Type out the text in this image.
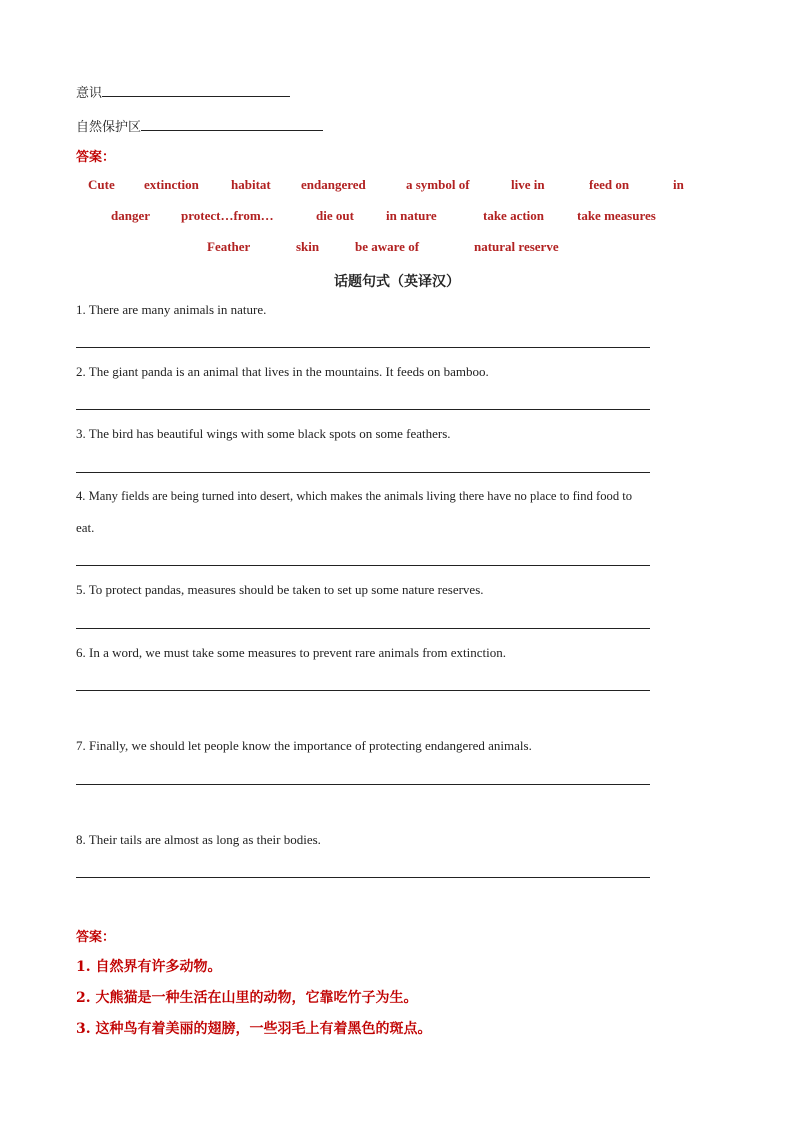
意识
自然保护区
答案：
Cute extinction habitat endangered	a symbol of	live in	feed on	in
danger protect…from…	die out in nature	take action	take measures
Feather	skin	be aware of	natural reserve
话题句式（英译汉）
1. There are many animals in nature.
2. The giant panda is an animal that lives in the mountains. It feeds on bamboo.
3. The bird has beautiful wings with some black spots on some feathers.
4. Many fields are being turned into desert, which makes the animals living there have no place to find food to
eat.
5. To protect pandas, measures should be taken to set up some nature reserves.
6. In a word, we must take some measures to prevent rare animals from extinction.
7. Finally, we should let people know the importance of protecting endangered animals.
8. Their tails are almost as long as their bodies.
答案：
1. 自然界有许多动物。
2. 大熊猫是一种生活在山里的动物，它靠吃竹子为生。
3. 这种鸟有着美丽的翅膀，一些羽毛上有着黑色的斑点。
